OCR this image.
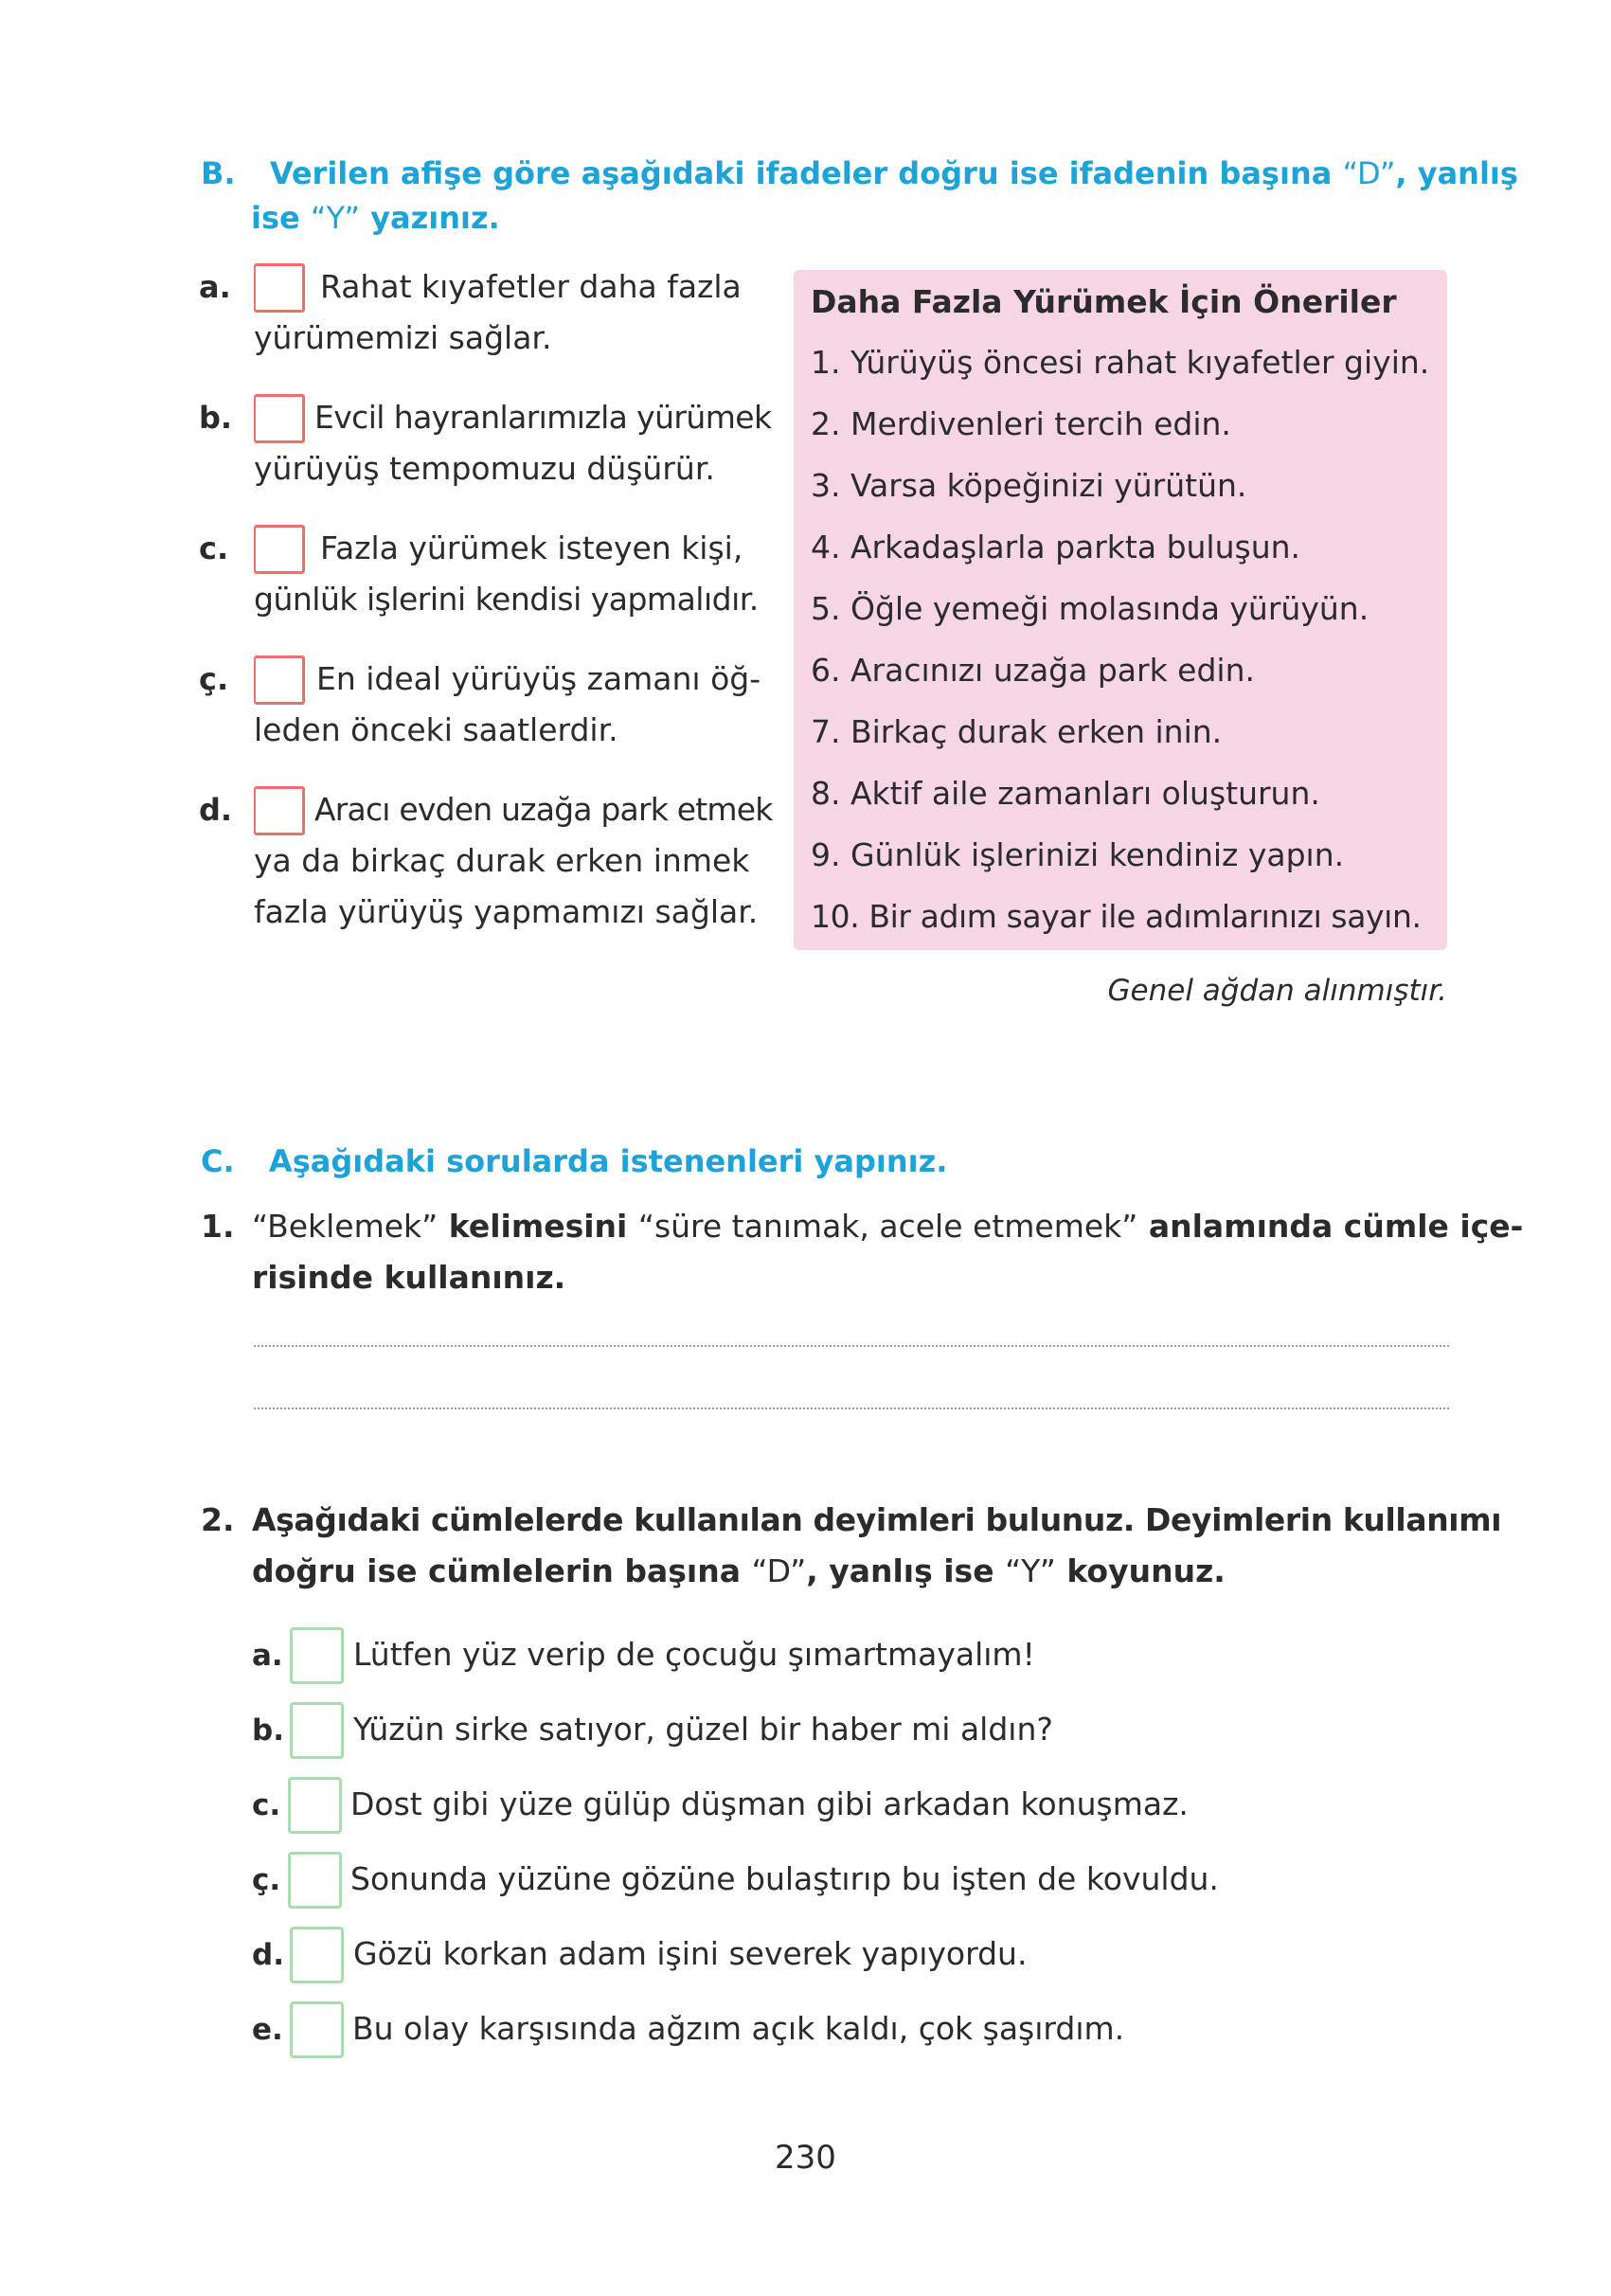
B. Verilen afişe göre aşağıdaki ifadeler doğru ise ifadenin başına “D”, yanlış
ise “Y” yazınız.
a.	Rahat kıyafetler daha fazla
yürümemizi sağlar.
b.	Evcil hayranlarımızla yürümek
yürüyüş tempomuzu düşürür.
c.	Fazla yürümek isteyen kişi,
günlük işlerini kendisi yapmalıdır.
ç.	En ideal yürüyüş zamanı öğ-
leden önceki saatlerdir.
d.	Aracı evden uzağa park etmek
ya da birkaç durak erken inmek
fazla yürüyüş yapmamızı sağlar.
Daha Fazla Yürümek İçin Öneriler
1. Yürüyüş öncesi rahat kıyafetler giyin.
2. Merdivenleri tercih edin.
3. Varsa köpeğinizi yürütün.
4. Arkadaşlarla parkta buluşun.
5. Öğle yemeği molasında yürüyün.
6. Aracınızı uzağa park edin.
7. Birkaç durak erken inin.
8. Aktif aile zamanları oluşturun.
9. Günlük işlerinizi kendiniz yapın.
10. Bir adım sayar ile adımlarınızı sayın.
Genel ağdan alınmıştır.
C. Aşağıdaki sorularda istenenleri yapınız.
1. “Beklemek” kelimesini “süre tanımak, acele etmemek” anlamında cümle içe-
risinde kullanınız.
2. Aşağıdaki cümlelerde kullanılan deyimleri bulunuz. Deyimlerin kullanımı
doğru ise cümlelerin başına “D”, yanlış ise “Y” koyunuz.
a. Lütfen yüz verip de çocuğu şımartmayalım!
b. Yüzün sirke satıyor, güzel bir haber mi aldın?
c. Dost gibi yüze gülüp düşman gibi arkadan konuşmaz.
ç. Sonunda yüzüne gözüne bulaştırıp bu işten de kovuldu.
d. Gözü korkan adam işini severek yapıyordu.
e. Bu olay karşısında ağzım açık kaldı, çok şaşırdım.
230
